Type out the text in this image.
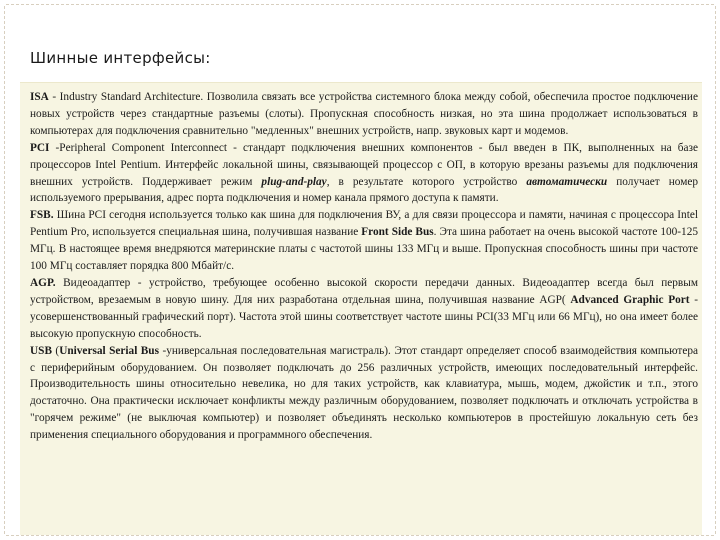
Шинные интерфейсы:

ISA - Industry Standard Architecture. Позволила связать все устройства системного блока между собой, обеспечила простое подключение новых устройств через стандартные разъемы (слоты). Пропускная способность низкая, но эта шина продолжает использоваться в компьютерах для подключения сравнительно "медленных" внешних устройств, напр. звуковых карт и модемов.

PCI -Peripheral Component Interconnect - стандарт подключения внешних компонентов - был введен в ПК, выполненных на базе процессоров Intel Pentium. Интерфейс локальной шины, связывающей процессор с ОП, в которую врезаны разъемы для подключения внешних устройств. Поддерживает режим plug-and-play, в результате которого устройство автоматически получает номер используемого прерывания, адрес порта подключения и номер канала прямого доступа к памяти.

FSB. Шина PCI сегодня используется только как шина для подключения ВУ, а для связи процессора и памяти, начиная с процессора Intel Pentium Pro, используется специальная шина, получившая название Front Side Bus. Эта шина работает на очень высокой частоте 100-125 МГц. В настоящее время внедряются материнские платы с частотой шины 133 МГц и выше. Пропускная способность шины при частоте 100 МГц составляет порядка 800 Мбайт/с.

AGP. Видеоадаптер - устройство, требующее особенно высокой скорости передачи данных. Видеоадаптер всегда был первым устройством, врезаемым в новую шину. Для них разработана отдельная шина, получившая название AGP( Advanced Graphic Port - усовершенствованный графический порт). Частота этой шины соответствует частоте шины PCI(33 МГц или 66 МГц), но она имеет более высокую пропускную способность.

USB (Universal Serial Bus -универсальная последовательная магистраль). Этот стандарт определяет способ взаимодействия компьютера с периферийным оборудованием. Он позволяет подключать до 256 различных устройств, имеющих последовательный интерфейс. Производительность шины относительно невелика, но для таких устройств, как клавиатура, мышь, модем, джойстик и т.п., этого достаточно. Она практически исключает конфликты между различным оборудованием, позволяет подключать и отключать устройства в "горячем режиме" (не выключая компьютер) и позволяет объединять несколько компьютеров в простейшую локальную сеть без применения специального оборудования и программного обеспечения.
